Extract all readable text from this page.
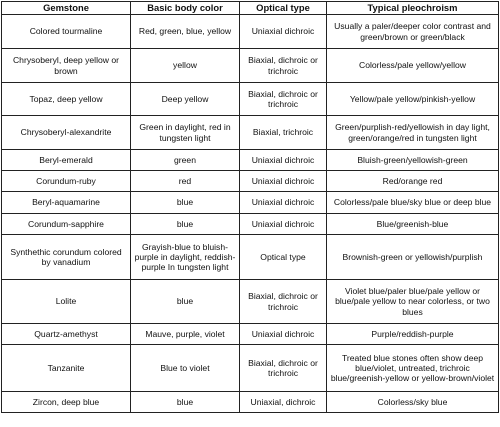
Gemstone	Basic body color	Optical type	Typical pleochroism
Colored tourmaline	Red, green, blue, yellow	Uniaxial dichroic	Usually a paler/deeper color contrast and green/brown or green/black
Chrysoberyl, deep yellow or brown	yellow	Biaxial, dichroic or trichroic	Colorless/pale yellow/yellow
Topaz, deep yellow	Deep yellow	Biaxial, dichroic or trichroic	Yellow/pale yellow/pinkish-yellow
Chrysoberyl-alexandrite	Green in daylight, red in tungsten light	Biaxial, trichroic	Green/purplish-red/yellowish in day light, green/orange/red in tungsten light
Beryl-emerald	green	Uniaxial dichroic	Bluish-green/yellowish-green
Corundum-ruby	red	Uniaxial dichroic	Red/orange red
Beryl-aquamarine	blue	Uniaxial dichroic	Colorless/pale blue/sky blue or deep blue
Corundum-sapphire	blue	Uniaxial dichroic	Blue/greenish-blue
Synthethic corundum colored by vanadium	Grayish-blue to bluish-purple in daylight, reddish-purple In tungsten light	Optical type	Brownish-green or yellowish/purplish
Lolite	blue	Biaxial, dichroic or trichroic	Violet blue/paler blue/pale yellow or blue/pale yellow to near colorless, or two blues
Quartz-amethyst	Mauve, purple, violet	Uniaxial dichroic	Purple/reddish-purple
Tanzanite	Blue to violet	Biaxial, dichroic or trichroic	Treated blue stones often show deep blue/violet, untreated, trichroic blue/greenish-yellow or yellow-brown/violet
Zircon, deep blue	blue	Uniaxial, dichroic	Colorless/sky blue
